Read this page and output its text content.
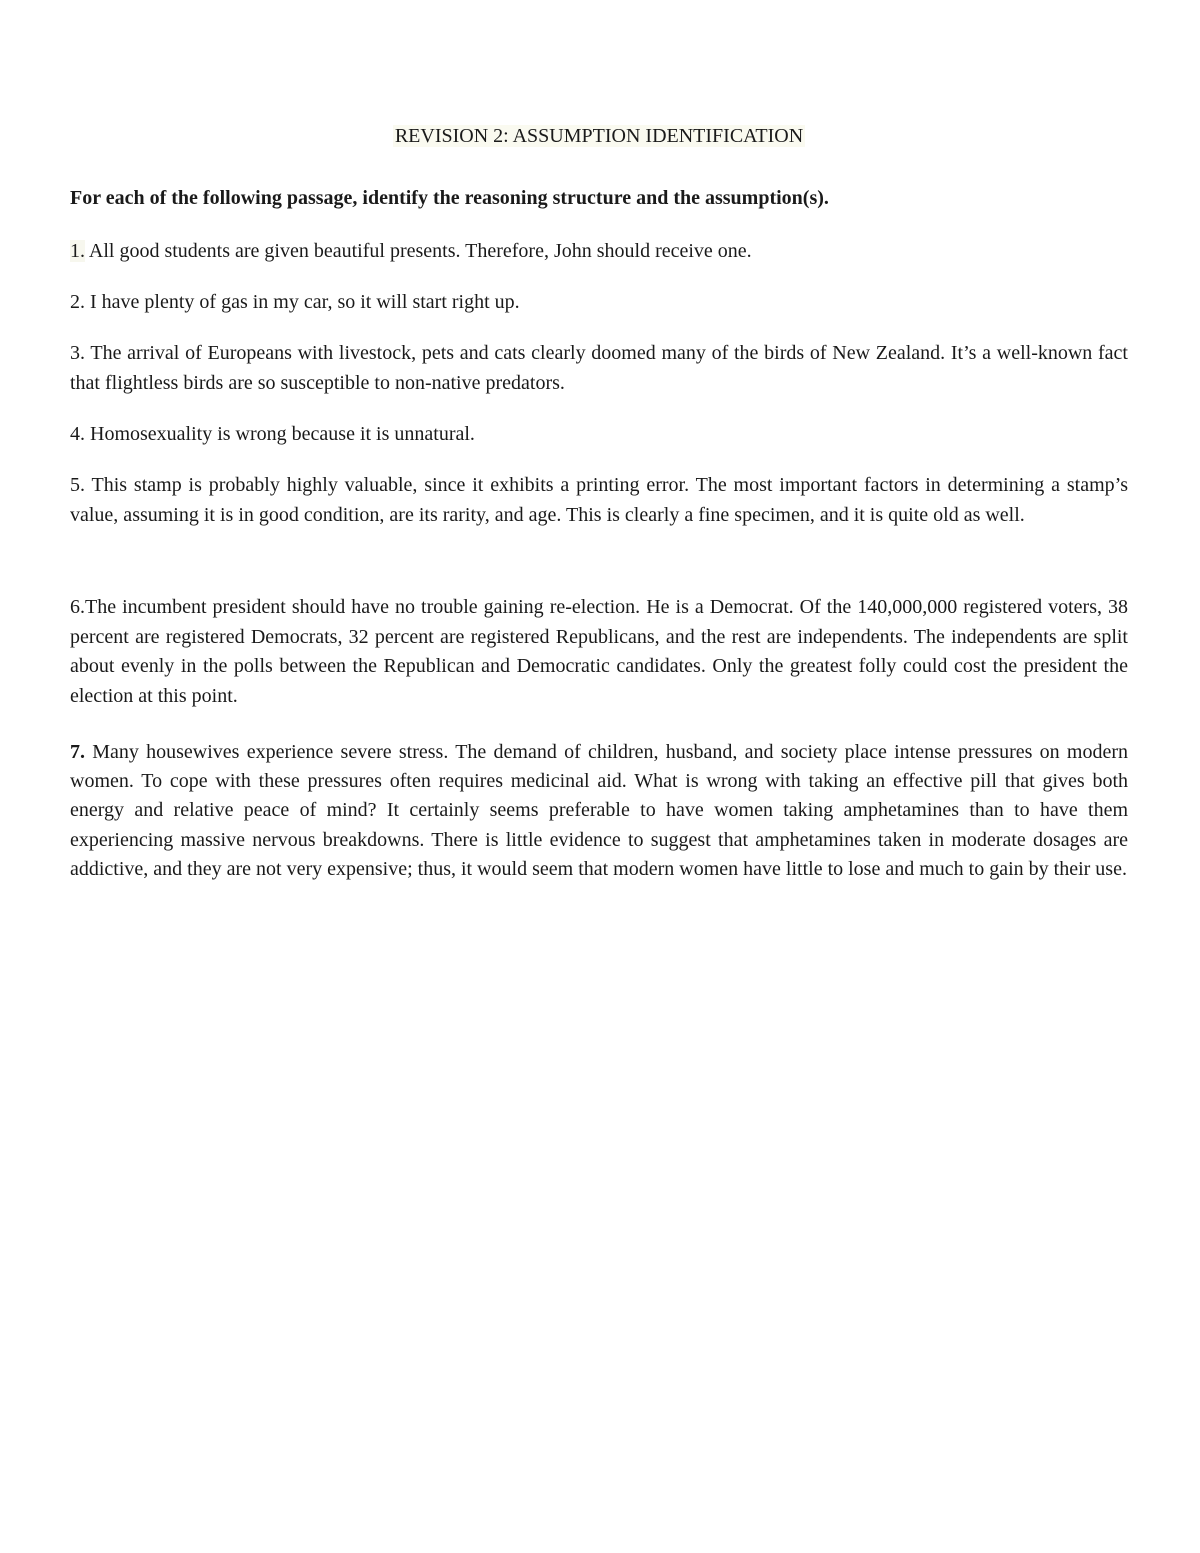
REVISION 2: ASSUMPTION IDENTIFICATION
For each of the following passage, identify the reasoning structure and the assumption(s).

1. All good students are given beautiful presents. Therefore, John should receive one.

2. I have plenty of gas in my car, so it will start right up.

3. The arrival of Europeans with livestock, pets and cats clearly doomed many of the birds of New Zealand. It’s a well-known fact that flightless birds are so susceptible to non-native predators.

4. Homosexuality is wrong because it is unnatural.

5. This stamp is probably highly valuable, since it exhibits a printing error. The most important factors in determining a stamp’s value, assuming it is in good condition, are its rarity, and age. This is clearly a fine specimen, and it is quite old as well.

6.The incumbent president should have no trouble gaining re-election. He is a Democrat. Of the 140,000,000 registered voters, 38 percent are registered Democrats, 32 percent are registered Republicans, and the rest are independents. The independents are split about evenly in the polls between the Republican and Democratic candidates. Only the greatest folly could cost the president the election at this point.

7. Many housewives experience severe stress. The demand of children, husband, and society place intense pressures on modern women. To cope with these pressures often requires medicinal aid. What is wrong with taking an effective pill that gives both energy and relative peace of mind? It certainly seems preferable to have women taking amphetamines than to have them experiencing massive nervous breakdowns. There is little evidence to suggest that amphetamines taken in moderate dosages are addictive, and they are not very expensive; thus, it would seem that modern women have little to lose and much to gain by their use.
